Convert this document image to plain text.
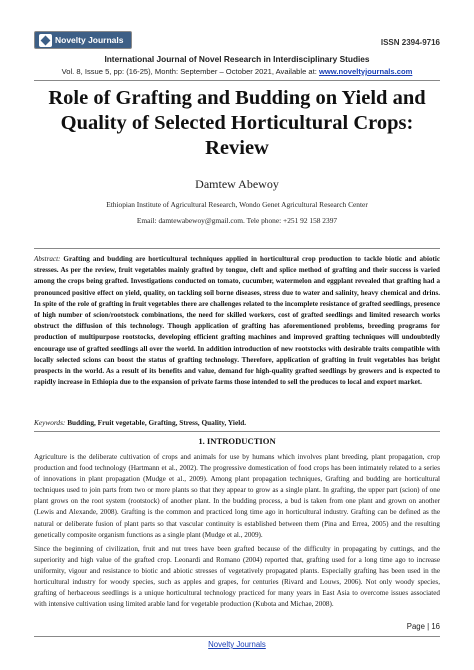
Novelty Journals	ISSN 2394-9716
International Journal of Novel Research in Interdisciplinary Studies
Vol. 8, Issue 5, pp: (16-25), Month: September – October 2021, Available at: www.noveltyjournals.com
Role of Grafting and Budding on Yield and Quality of Selected Horticultural Crops: Review
Damtew Abewoy
Ethiopian Institute of Agricultural Research, Wondo Genet Agricultural Research Center
Email: damtewabewoy@gmail.com. Tele phone: +251 92 158 2397
Abstract: Grafting and budding are horticultural techniques applied in horticultural crop production to tackle biotic and abiotic stresses. As per the review, fruit vegetables mainly grafted by tongue, cleft and splice method of grafting and their success is varied among the crops being grafted. Investigations conducted on tomato, cucumber, watermelon and eggplant revealed that grafting had a pronounced positive effect on yield, quality, on tackling soil borne diseases, stress due to water and salinity, heavy chemical and drins. In spite of the role of grafting in fruit vegetables there are challenges related to the incomplete resistance of grafted seedlings, presence of high number of scion/rootstock combinations, the need for skilled workers, cost of grafted seedlings and limited research works obstruct the diffusion of this technology. Though application of grafting has aforementioned problems, breeding programs for production of multipurpose rootstocks, developing efficient grafting machines and improved grafting techniques will undoubtedly encourage use of grafted seedlings all over the world. In addition introduction of new rootstocks with desirable traits compatible with locally selected scions can boost the status of grafting technology. Therefore, application of grafting in fruit vegetables has bright prospects in the world. As a result of its benefits and value, demand for high-quality grafted seedlings by growers and is expected to rapidly increase in Ethiopia due to the expansion of private farms those intended to sell the produces to local and export market.
Keywords: Budding, Fruit vegetable, Grafting, Stress, Quality, Yield.
1. INTRODUCTION
Agriculture is the deliberate cultivation of crops and animals for use by humans which involves plant breeding, plant propagation, crop production and food technology (Hartmann et al., 2002). The progressive domestication of food crops has been intimately related to a series of innovations in plant propagation (Mudge et al., 2009). Among plant propagation techniques, Grafting and budding are horticultural techniques used to join parts from two or more plants so that they appear to grow as a single plant. In grafting, the upper part (scion) of one plant grows on the root system (rootstock) of another plant. In the budding process, a bud is taken from one plant and grown on another (Lewis and Alexande, 2008). Grafting is the common and practiced long time ago in horticultural industry. Grafting can be defined as the natural or deliberate fusion of plant parts so that vascular continuity is established between them (Pina and Errea, 2005) and the resulting genetically composite organism functions as a single plant (Mudge et al., 2009).
Since the beginning of civilization, fruit and nut trees have been grafted because of the difficulty in propagating by cuttings, and the superiority and high value of the grafted crop. Leonardi and Romano (2004) reported that, grafting used for a long time ago to increase uniformity, vigour and resistance to biotic and abiotic stresses of vegetatively propagated plants. Especially grafting has been used in the horticultural industry for woody species, such as apples and grapes, for centuries (Rivard and Louws, 2006). Not only woody species, grafting of herbaceous seedlings is a unique horticultural technology practiced for many years in East Asia to overcome issues associated with intensive cultivation using limited arable land for vegetable production (Kubota and Michae, 2008).
Page | 16
Novelty Journals
